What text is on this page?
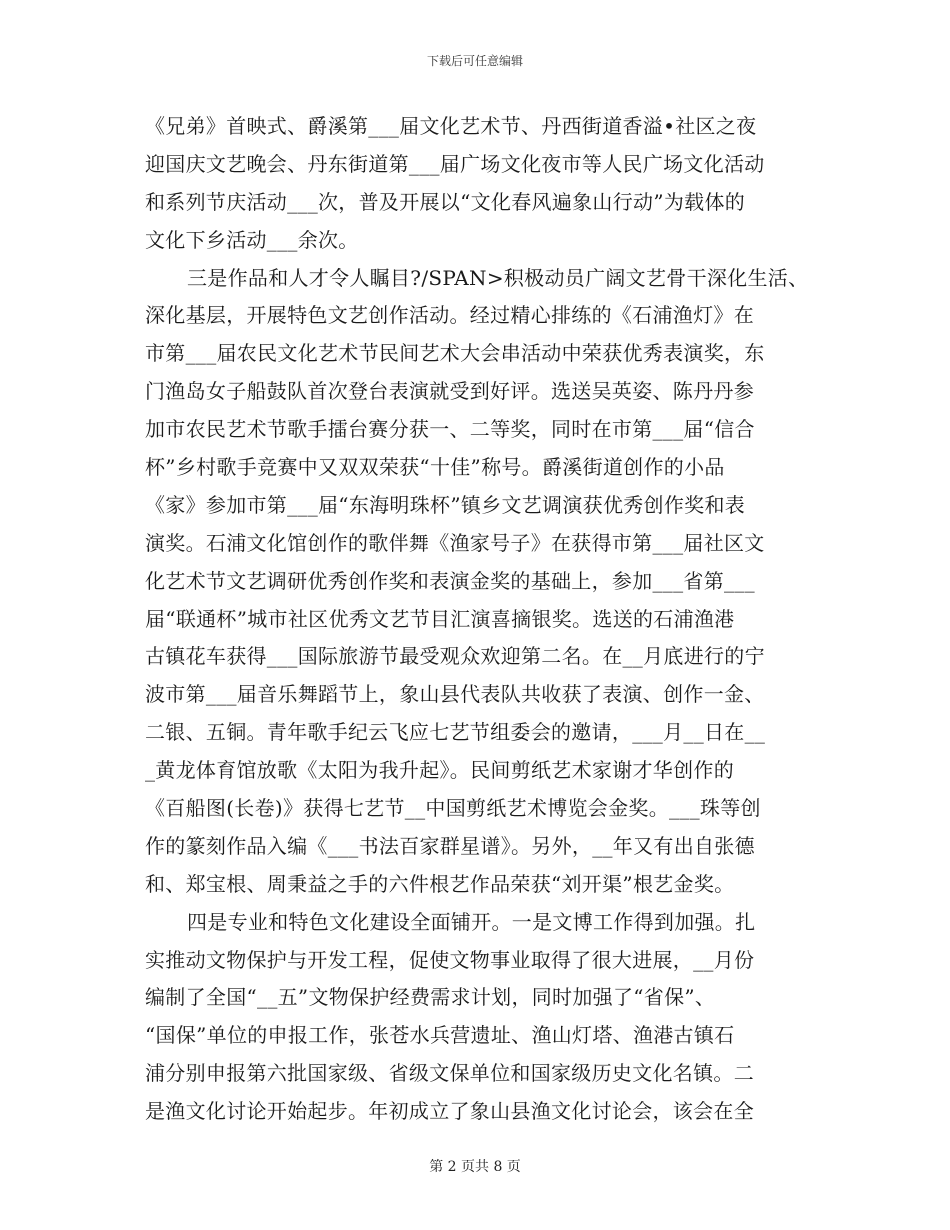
下载后可任意编辑
《兄弟》首映式、爵溪第___届文化艺术节、丹西街道香溢•社区之夜
迎国庆文艺晚会、丹东街道第___届广场文化夜市等人民广场文化活动
和系列节庆活动___次，普及开展以“文化春风遍象山行动”为载体的
文化下乡活动___余次。
三是作品和人才令人瞩目?/SPAN>积极动员广阔文艺骨干深化生活、
深化基层，开展特色文艺创作活动。经过精心排练的《石浦渔灯》在
市第___届农民文化艺术节民间艺术大会串活动中荣获优秀表演奖，东
门渔岛女子船鼓队首次登台表演就受到好评。选送吴英姿、陈丹丹参
加市农民艺术节歌手擂台赛分获一、二等奖，同时在市第___届“信合
杯”乡村歌手竞赛中又双双荣获“十佳”称号。爵溪街道创作的小品
《家》参加市第___届“东海明珠杯”镇乡文艺调演获优秀创作奖和表
演奖。石浦文化馆创作的歌伴舞《渔家号子》在获得市第___届社区文
化艺术节文艺调研优秀创作奖和表演金奖的基础上，参加___省第___
届“联通杯”城市社区优秀文艺节目汇演喜摘银奖。选送的石浦渔港
古镇花车获得___国际旅游节最受观众欢迎第二名。在__月底进行的宁
波市第___届音乐舞蹈节上，象山县代表队共收获了表演、创作一金、
二银、五铜。青年歌手纪云飞应七艺节组委会的邀请，___月__日在__
_黄龙体育馆放歌《太阳为我升起》。民间剪纸艺术家谢才华创作的
《百船图(长卷)》获得七艺节__中国剪纸艺术博览会金奖。___珠等创
作的篆刻作品入编《___书法百家群星谱》。另外，__年又有出自张德
和、郑宝根、周秉益之手的六件根艺作品荣获“刘开渠”根艺金奖。
四是专业和特色文化建设全面铺开。一是文博工作得到加强。扎
实推动文物保护与开发工程，促使文物事业取得了很大进展，__月份
编制了全国“__五”文物保护经费需求计划，同时加强了“省保”、
“国保”单位的申报工作，张苍水兵营遗址、渔山灯塔、渔港古镇石
浦分别申报第六批国家级、省级文保单位和国家级历史文化名镇。二
是渔文化讨论开始起步。年初成立了象山县渔文化讨论会，该会在全
第 2 页共 8 页
